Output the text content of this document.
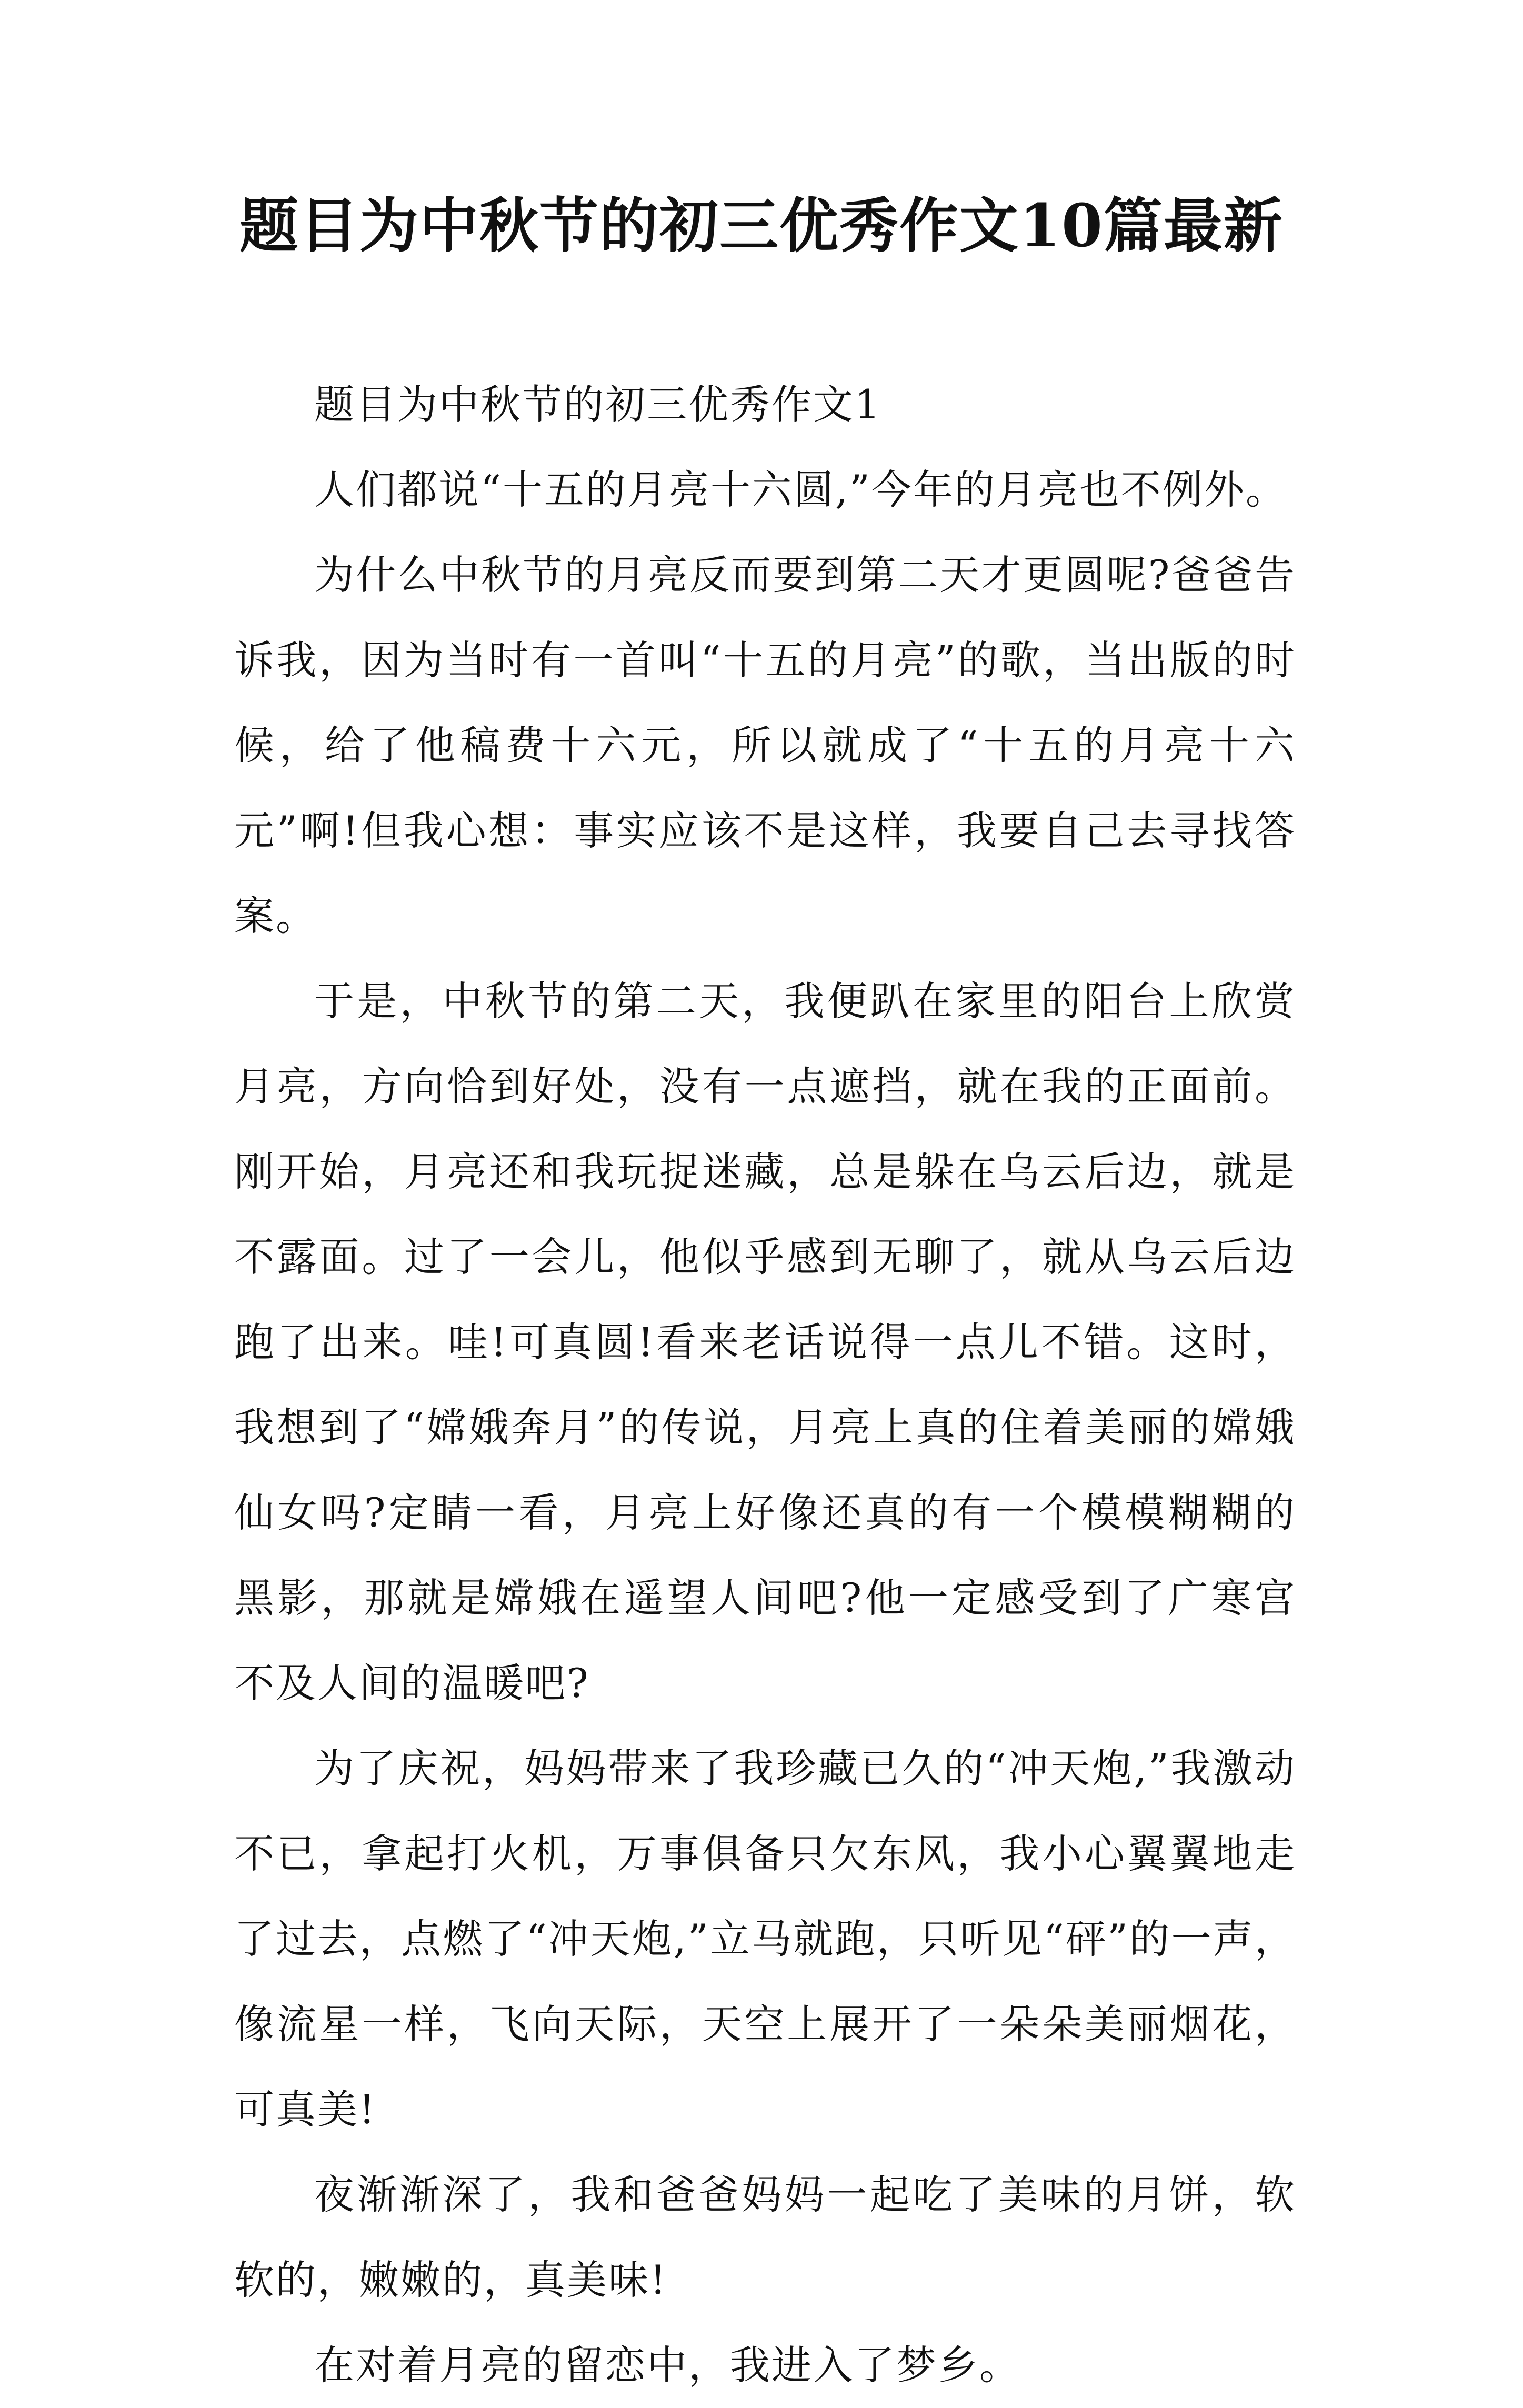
题目为中秋节的初三优秀作文10篇最新

题目为中秋节的初三优秀作文1

人们都说“十五的月亮十六圆,”今年的月亮也不例外。

为什么中秋节的月亮反而要到第二天才更圆呢?爸爸告诉我，因为当时有一首叫“十五的月亮”的歌，当出版的时候，给了他稿费十六元，所以就成了“十五的月亮十六元”啊!但我心想：事实应该不是这样，我要自己去寻找答案。

于是，中秋节的第二天，我便趴在家里的阳台上欣赏月亮，方向恰到好处，没有一点遮挡，就在我的正面前。刚开始，月亮还和我玩捉迷藏，总是躲在乌云后边，就是不露面。过了一会儿，他似乎感到无聊了，就从乌云后边跑了出来。哇!可真圆!看来老话说得一点儿不错。这时，我想到了“嫦娥奔月”的传说，月亮上真的住着美丽的嫦娥仙女吗?定睛一看，月亮上好像还真的有一个模模糊糊的黑影，那就是嫦娥在遥望人间吧?他一定感受到了广寒宫不及人间的温暖吧?

为了庆祝，妈妈带来了我珍藏已久的“冲天炮,”我激动不已，拿起打火机，万事俱备只欠东风，我小心翼翼地走了过去，点燃了“冲天炮,”立马就跑，只听见“砰”的一声，像流星一样，飞向天际，天空上展开了一朵朵美丽烟花，可真美!

夜渐渐深了，我和爸爸妈妈一起吃了美味的月饼，软软的，嫩嫩的，真美味!

在对着月亮的留恋中，我进入了梦乡。
